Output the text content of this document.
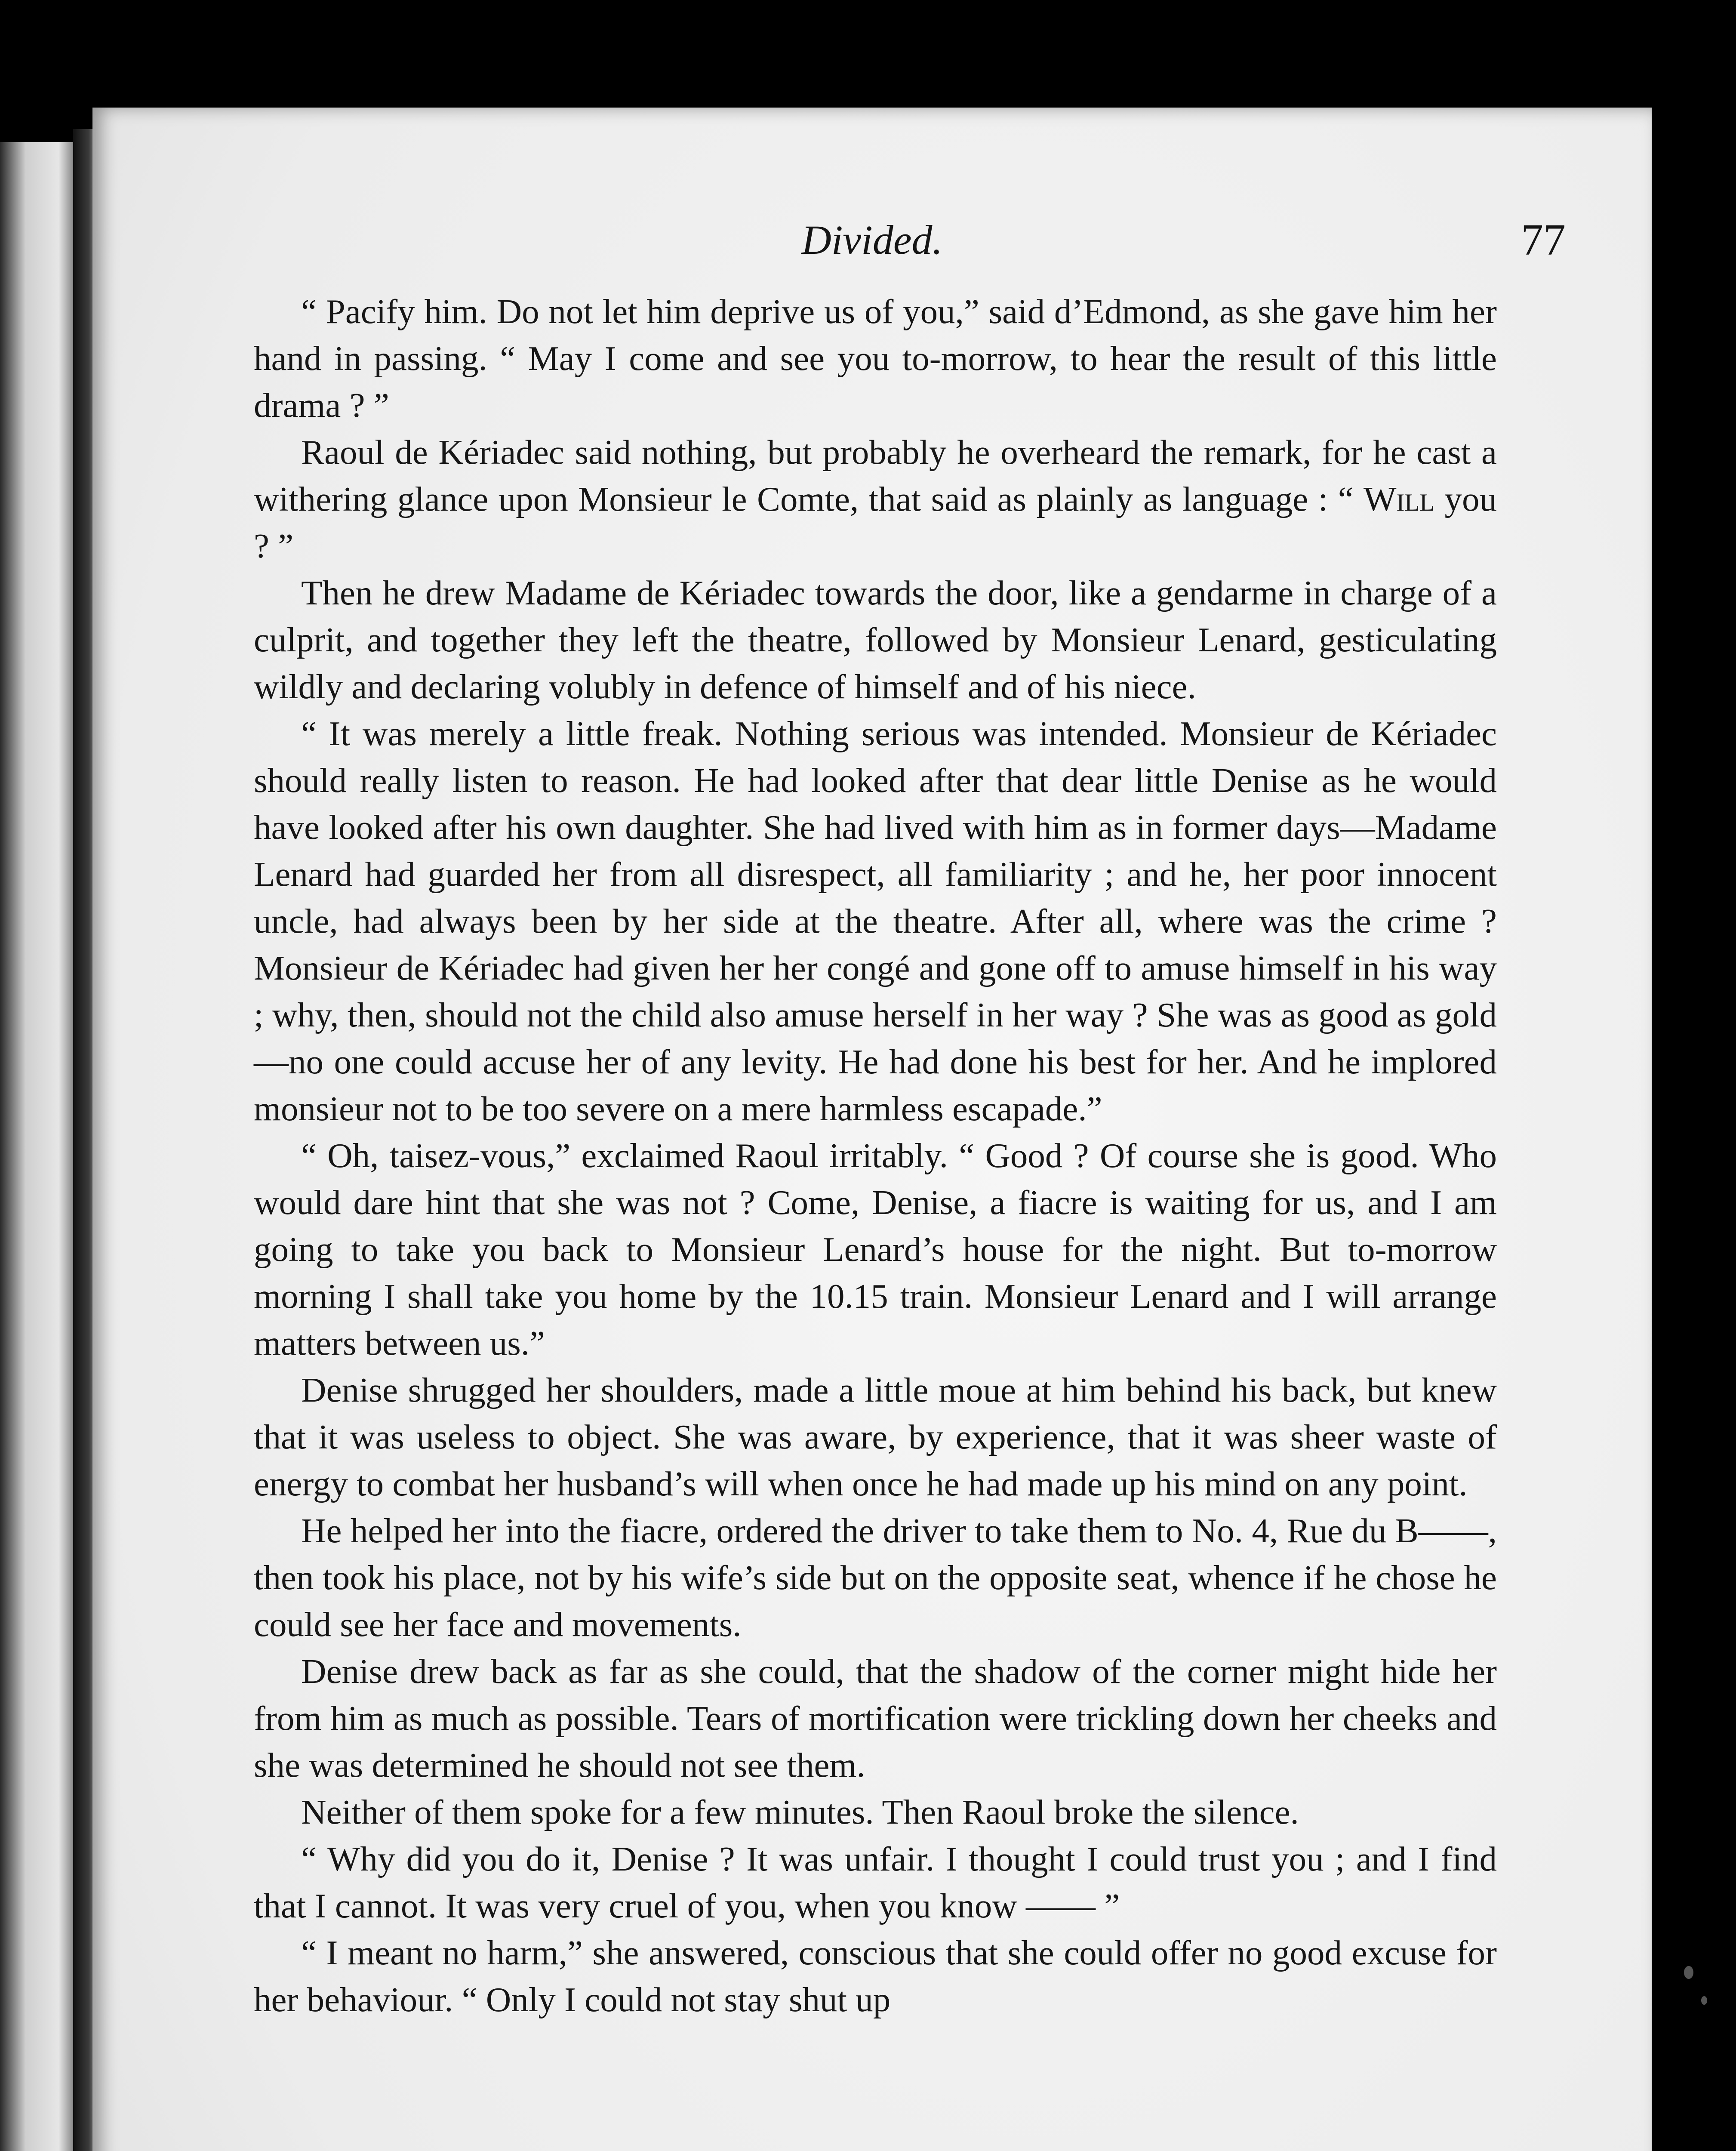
Divided.	77

“ Pacify him. Do not let him deprive us of you,” said d’Edmond, as she gave him her hand in passing. “ May I come and see you to-morrow, to hear the result of this little drama ? ”

Raoul de Kériadec said nothing, but probably he overheard the remark, for he cast a withering glance upon Monsieur le Comte, that said as plainly as language : “ Will you ? ”

Then he drew Madame de Kériadec towards the door, like a gendarme in charge of a culprit, and together they left the theatre, followed by Monsieur Lenard, gesticulating wildly and declaring volubly in defence of himself and of his niece.

“ It was merely a little freak. Nothing serious was intended. Monsieur de Kériadec should really listen to reason. He had looked after that dear little Denise as he would have looked after his own daughter. She had lived with him as in former days—Madame Lenard had guarded her from all disrespect, all familiarity ; and he, her poor innocent uncle, had always been by her side at the theatre. After all, where was the crime ? Monsieur de Kériadec had given her her congé and gone off to amuse himself in his way ; why, then, should not the child also amuse herself in her way ? She was as good as gold—no one could accuse her of any levity. He had done his best for her. And he implored monsieur not to be too severe on a mere harmless escapade.”

“ Oh, taisez-vous,” exclaimed Raoul irritably. “ Good ? Of course she is good. Who would dare hint that she was not ? Come, Denise, a fiacre is waiting for us, and I am going to take you back to Monsieur Lenard’s house for the night. But to-morrow morning I shall take you home by the 10.15 train. Monsieur Lenard and I will arrange matters between us.”

Denise shrugged her shoulders, made a little moue at him behind his back, but knew that it was useless to object. She was aware, by experience, that it was sheer waste of energy to combat her husband’s will when once he had made up his mind on any point.

He helped her into the fiacre, ordered the driver to take them to No. 4, Rue du B——, then took his place, not by his wife’s side but on the opposite seat, whence if he chose he could see her face and movements.

Denise drew back as far as she could, that the shadow of the corner might hide her from him as much as possible. Tears of mortification were trickling down her cheeks and she was determined he should not see them.

Neither of them spoke for a few minutes. Then Raoul broke the silence.

“ Why did you do it, Denise ? It was unfair. I thought I could trust you ; and I find that I cannot. It was very cruel of you, when you know —— ”

“ I meant no harm,” she answered, conscious that she could offer no good excuse for her behaviour. “ Only I could not stay shut up
